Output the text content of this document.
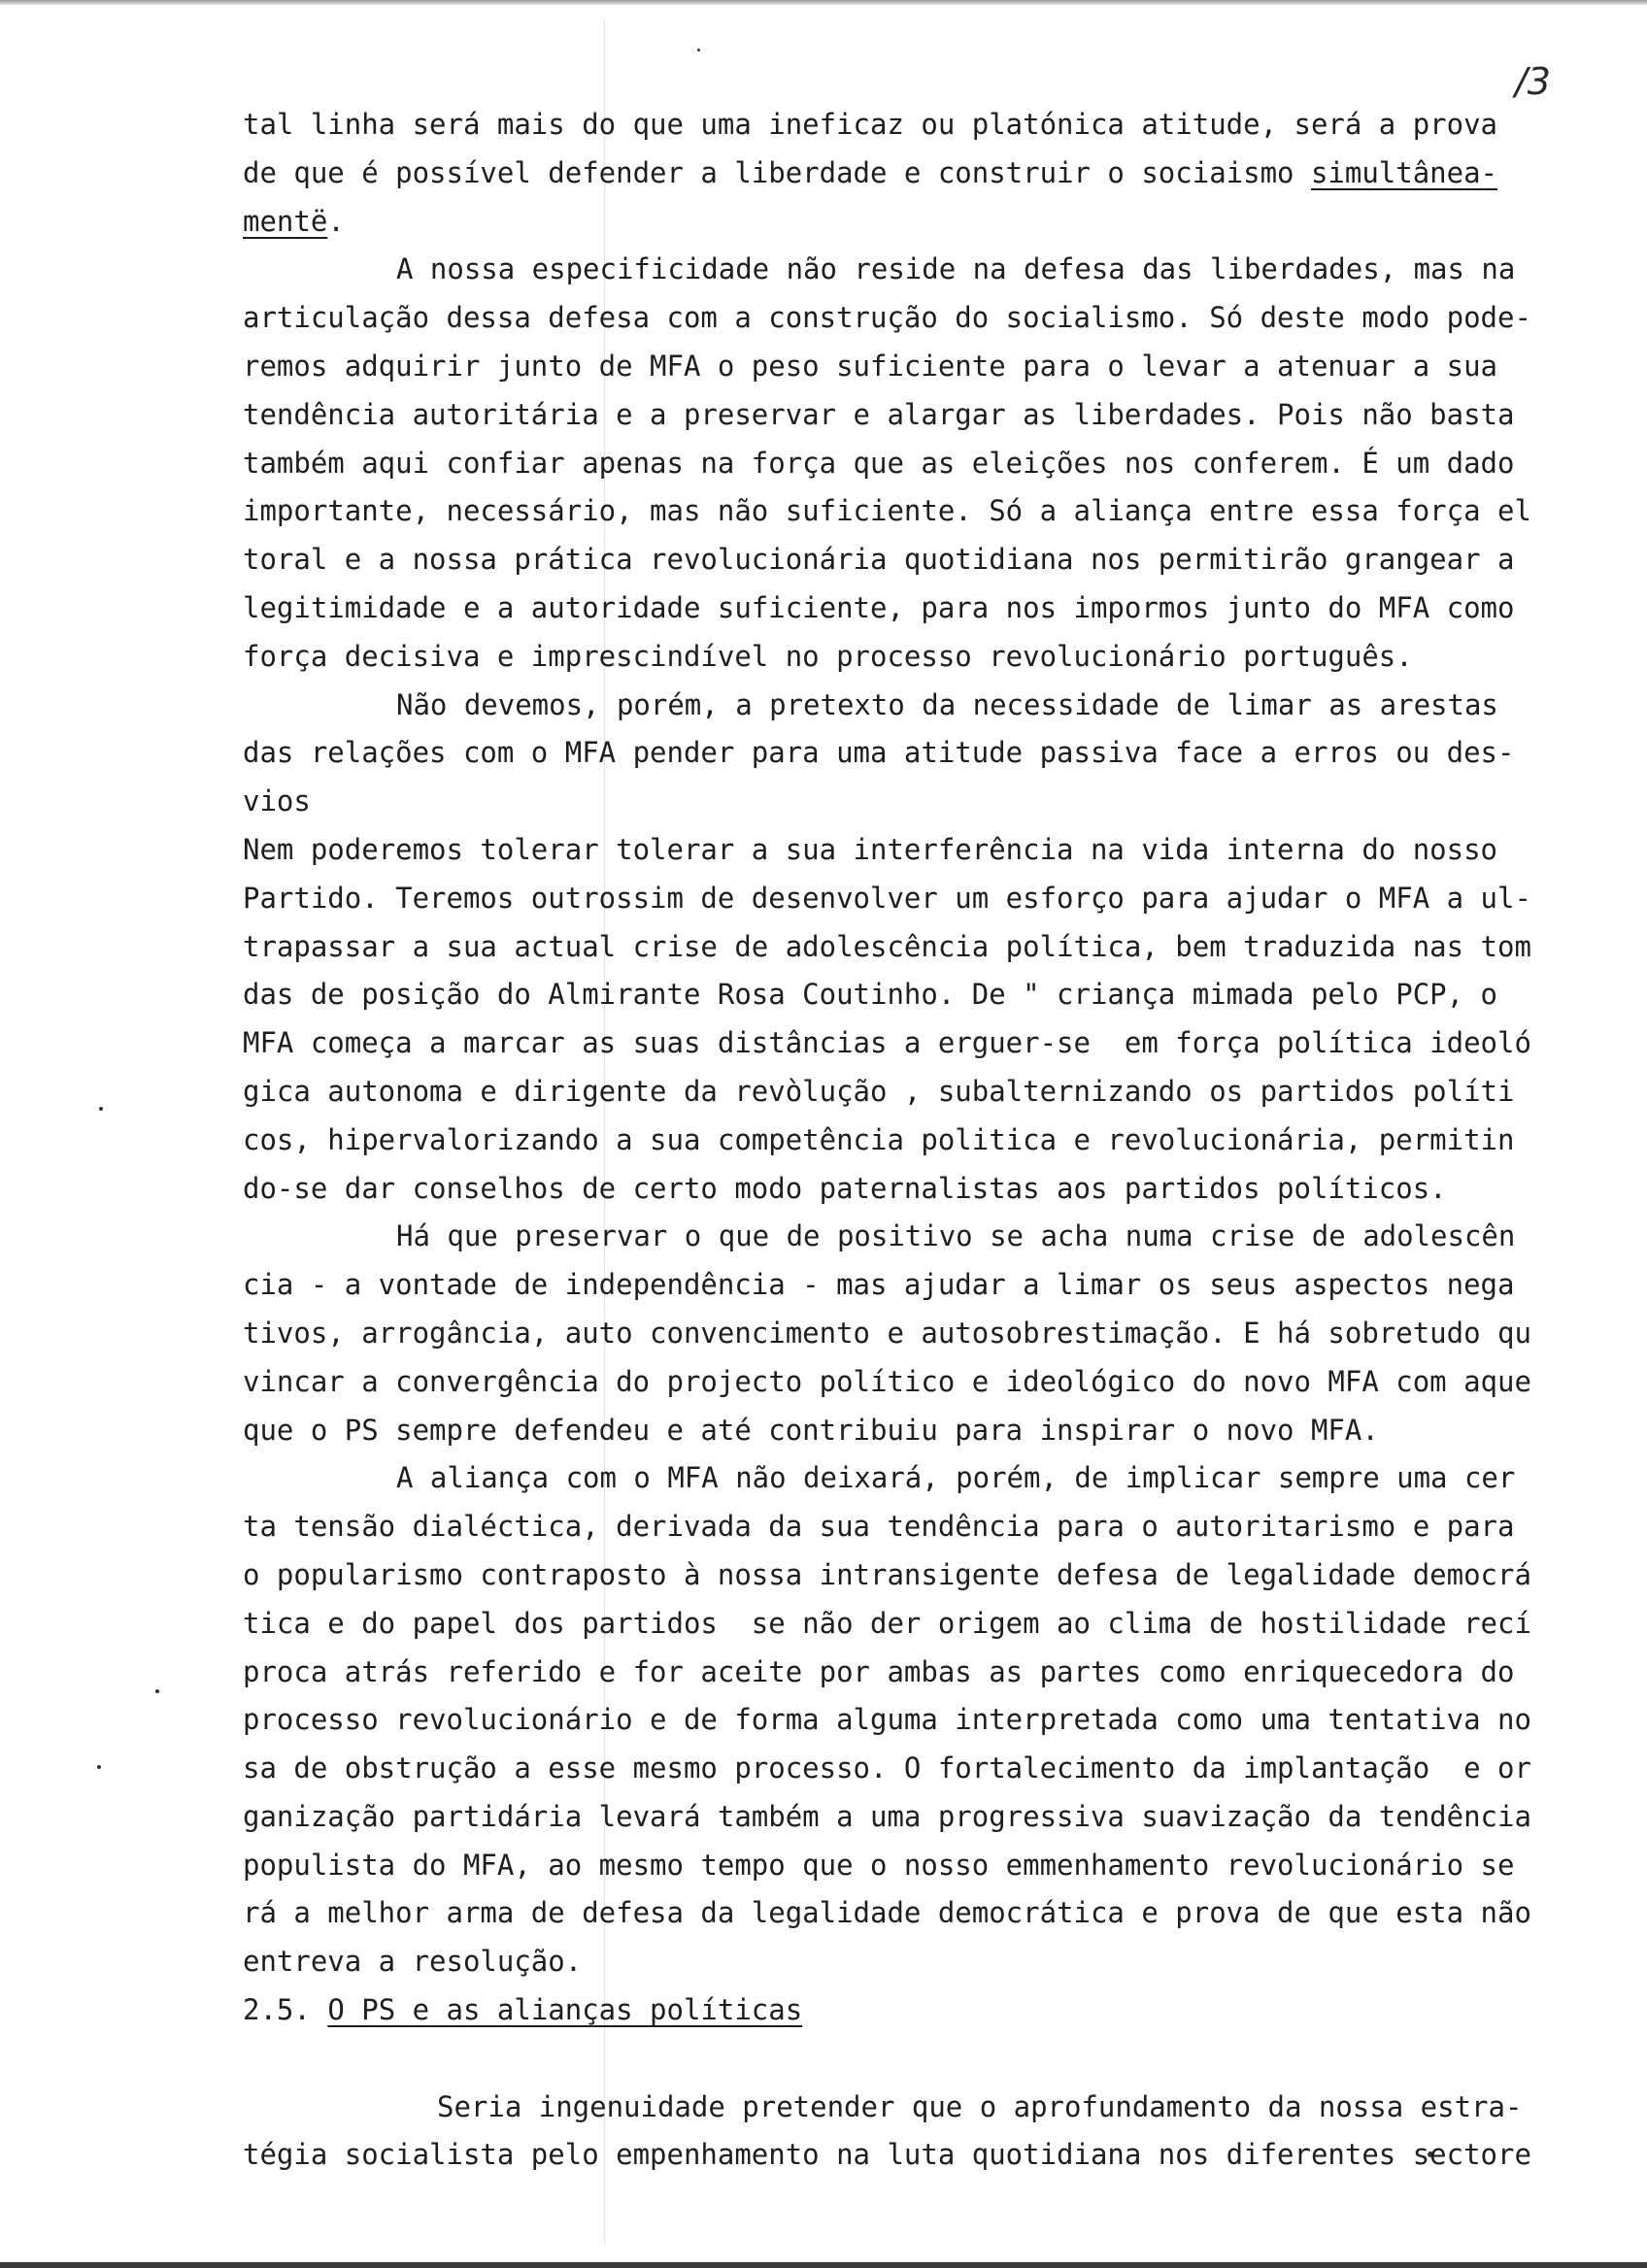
/3
tal linha será mais do que uma ineficaz ou platónica atitude, será a prova
de que é possível defender a liberdade e construir o sociaismo simultânea-
mentë.
A nossa especificidade não reside na defesa das liberdades, mas na
articulação dessa defesa com a construção do socialismo. Só deste modo pode-
remos adquirir junto de MFA o peso suficiente para o levar a atenuar a sua
tendência autoritária e a preservar e alargar as liberdades. Pois não basta
também aqui confiar apenas na força que as eleições nos conferem. É um dado
importante, necessário, mas não suficiente. Só a aliança entre essa força el
toral e a nossa prática revolucionária quotidiana nos permitirão grangear a
legitimidade e a autoridade suficiente, para nos impormos junto do MFA como
força decisiva e imprescindível no processo revolucionário português.
Não devemos, porém, a pretexto da necessidade de limar as arestas
das relações com o MFA pender para uma atitude passiva face a erros ou des-
vios
Nem poderemos tolerar tolerar a sua interferência na vida interna do nosso
Partido. Teremos outrossim de desenvolver um esforço para ajudar o MFA a ul-
trapassar a sua actual crise de adolescência política, bem traduzida nas tom
das de posição do Almirante Rosa Coutinho. De " criança mimada pelo PCP, o
MFA começa a marcar as suas distâncias a erguer-se  em força política ideoló
gica autonoma e dirigente da revòlução , subalternizando os partidos políti
cos, hipervalorizando a sua competência politica e revolucionária, permitin
do-se dar conselhos de certo modo paternalistas aos partidos políticos.
Há que preservar o que de positivo se acha numa crise de adolescên
cia - a vontade de independência - mas ajudar a limar os seus aspectos nega
tivos, arrogância, auto convencimento e autosobrestimação. E há sobretudo qu
vincar a convergência do projecto político e ideológico do novo MFA com aque
que o PS sempre defendeu e até contribuiu para inspirar o novo MFA.
A aliança com o MFA não deixará, porém, de implicar sempre uma cer
ta tensão dialéctica, derivada da sua tendência para o autoritarismo e para
o popularismo contraposto à nossa intransigente defesa de legalidade democrá
tica e do papel dos partidos  se não der origem ao clima de hostilidade recí
proca atrás referido e for aceite por ambas as partes como enriquecedora do
processo revolucionário e de forma alguma interpretada como uma tentativa no
sa de obstrução a esse mesmo processo. O fortalecimento da implantação  e or
ganização partidária levará também a uma progressiva suavização da tendência
populista do MFA, ao mesmo tempo que o nosso emmenhamento revolucionário se
rá a melhor arma de defesa da legalidade democrática e prova de que esta não
entreva a resolução.
2.5. O PS e as alianças políticas
Seria ingenuidade pretender que o aprofundamento da nossa estra-
tégia socialista pelo empenhamento na luta quotidiana nos diferentes sectore
